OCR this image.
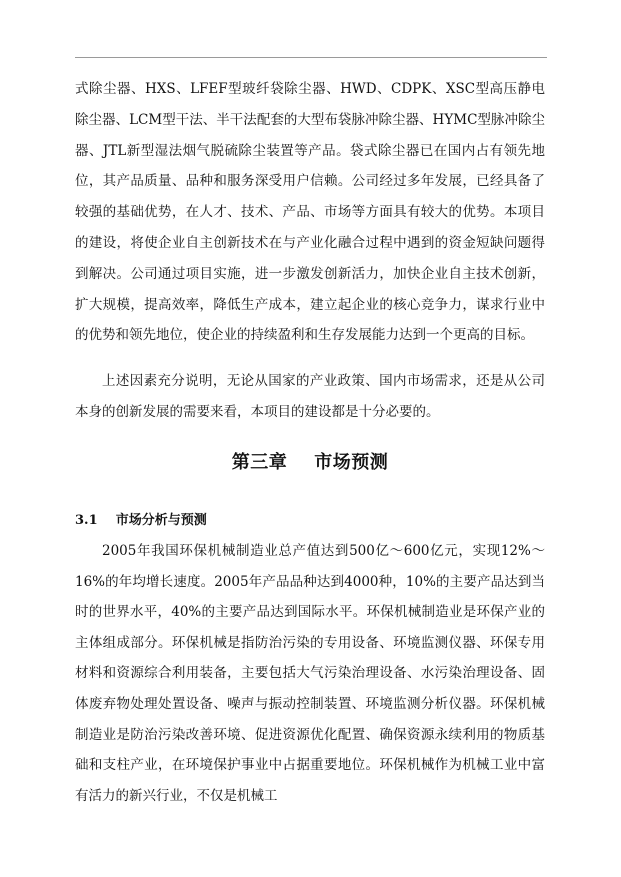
式除尘器、HXS、LFEF型玻纤袋除尘器、HWD、CDPK、XSC型高压静电除尘器、LCM型干法、半干法配套的大型布袋脉冲除尘器、HYMC型脉冲除尘器、JTL新型湿法烟气脱硫除尘装置等产品。袋式除尘器已在国内占有领先地位，其产品质量、品种和服务深受用户信赖。公司经过多年发展，已经具备了较强的基础优势，在人才、技术、产品、市场等方面具有较大的优势。本项目的建设，将使企业自主创新技术在与产业化融合过程中遇到的资金短缺问题得到解决。公司通过项目实施，进一步激发创新活力，加快企业自主技术创新，扩大规模，提高效率，降低生产成本，建立起企业的核心竞争力，谋求行业中的优势和领先地位，使企业的持续盈利和生存发展能力达到一个更高的目标。

上述因素充分说明，无论从国家的产业政策、国内市场需求，还是从公司本身的创新发展的需要来看，本项目的建设都是十分必要的。

第三章    市场预测
3.1    市场分析与预测

2005年我国环保机械制造业总产值达到500亿～600亿元，实现12%～16%的年均增长速度。2005年产品品种达到4000种，10%的主要产品达到当时的世界水平，40%的主要产品达到国际水平。环保机械制造业是环保产业的主体组成部分。环保机械是指防治污染的专用设备、环境监测仪器、环保专用材料和资源综合利用装备，主要包括大气污染治理设备、水污染治理设备、固体废弃物处理处置设备、噪声与振动控制装置、环境监测分析仪器。环保机械制造业是防治污染改善环境、促进资源优化配置、确保资源永续利用的物质基础和支柱产业，在环境保护事业中占据重要地位。环保机械作为机械工业中富有活力的新兴行业，不仅是机械工
